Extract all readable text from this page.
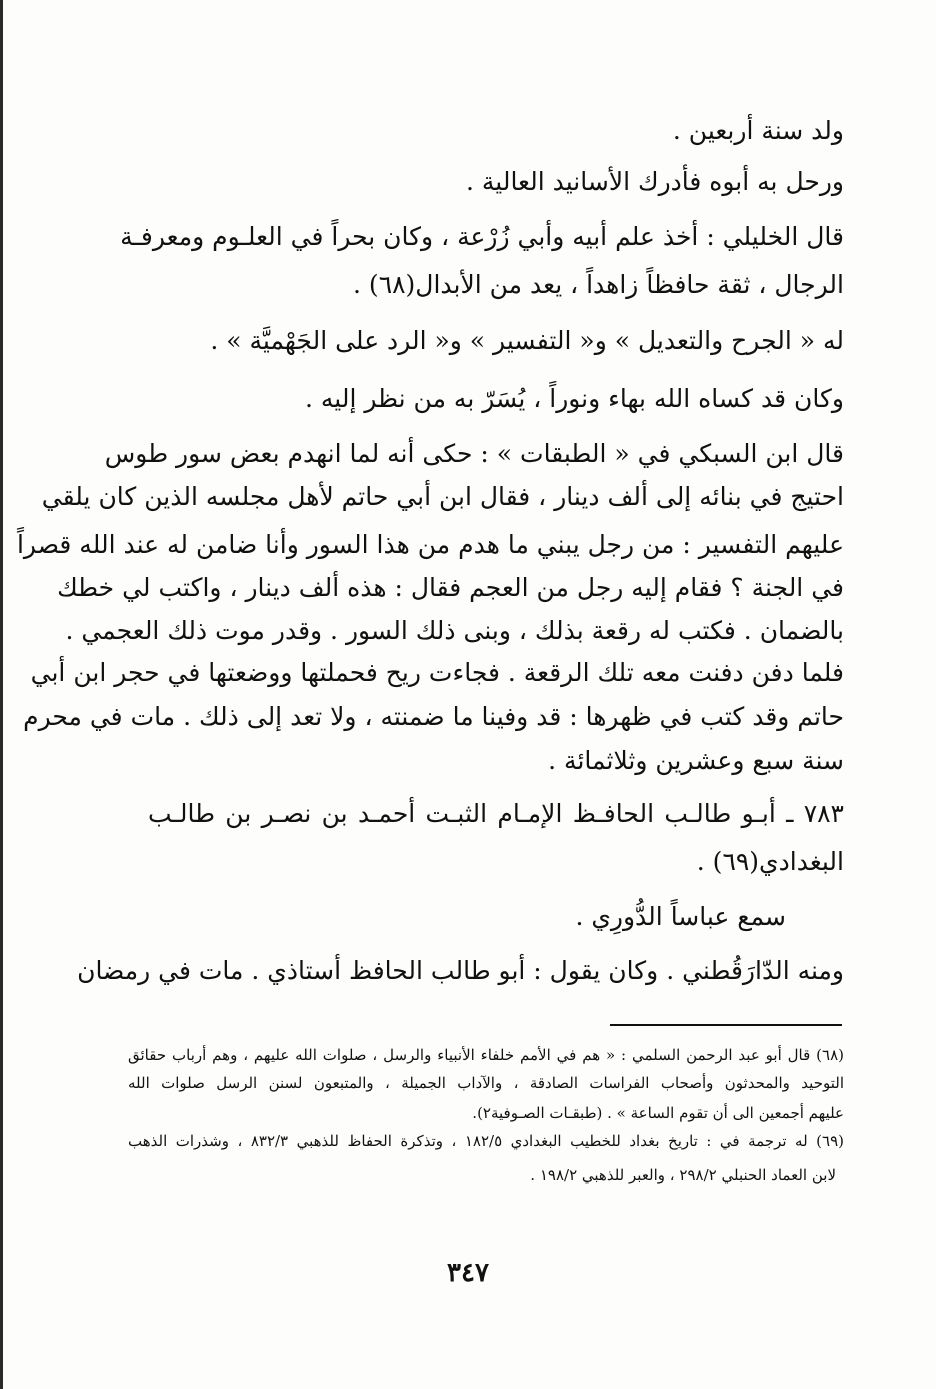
ولد سنة أربعين .
ورحل به أبوه فأدرك الأسانيد العالية .
قال الخليلي : أخذ علم أبيه وأبي زُرْعة ، وكان بحراً في العلـوم ومعرفـة
الرجال ، ثقة حافظاً زاهداً ، يعد من الأبدال(٦٨) .
له « الجرح والتعديل » و« التفسير » و« الرد على الجَهْميَّة » .
وكان قد كساه الله بهاء ونوراً ، يُسَرّ به من نظر إليه .
قال ابن السبكي في « الطبقات » : حكى أنه لما انهدم بعض سور طوس
احتيج في بنائه إلى ألف دينار ، فقال ابن أبي حاتم لأهل مجلسه الذين كان يلقي
عليهم التفسير : من رجل يبني ما هدم من هذا السور وأنا ضامن له عند الله قصراً
في الجنة ؟ فقام إليه رجل من العجم فقال : هذه ألف دينار ، واكتب لي خطك
بالضمان . فكتب له رقعة بذلك ، وبنى ذلك السور . وقدر موت ذلك العجمي .
فلما دفن دفنت معه تلك الرقعة . فجاءت ريح فحملتها ووضعتها في حجر ابن أبي
حاتم وقد كتب في ظهرها : قد وفينا ما ضمنته ، ولا تعد إلى ذلك . مات في محرم
سنة سبع وعشرين وثلاثمائة .
٧٨٣ ـ أبـو طالـب الحافـظ الإمـام الثبـت أحمـد بن نصـر بن طالـب
البغدادي(٦٩) .
سمع عباساً الدُّورِي .
ومنه الدّارَقُطني . وكان يقول : أبو طالب الحافظ أستاذي . مات في رمضان
(٦٨) قال أبو عبد الرحمن السلمي : « هم في الأمم خلفاء الأنبياء والرسل ، صلوات الله عليهم ، وهم أرباب حقائق
التوحيد والمحدثون وأصحاب الفراسات الصادقة ، والآداب الجميلة ، والمتبعون لسنن الرسل صلوات الله
عليهم أجمعين الى أن تقوم الساعة » . (طبقـات الصـوفية٢).
(٦٩) له ترجمة في : تاريخ بغداد للخطيب البغدادي ١٨٢/٥ ، وتذكرة الحفاظ للذهبي ٨٣٢/٣ ، وشذرات الذهب
لابن العماد الحنبلي ٢٩٨/٢ ، والعبر للذهبي ١٩٨/٢ .
٣٤٧
